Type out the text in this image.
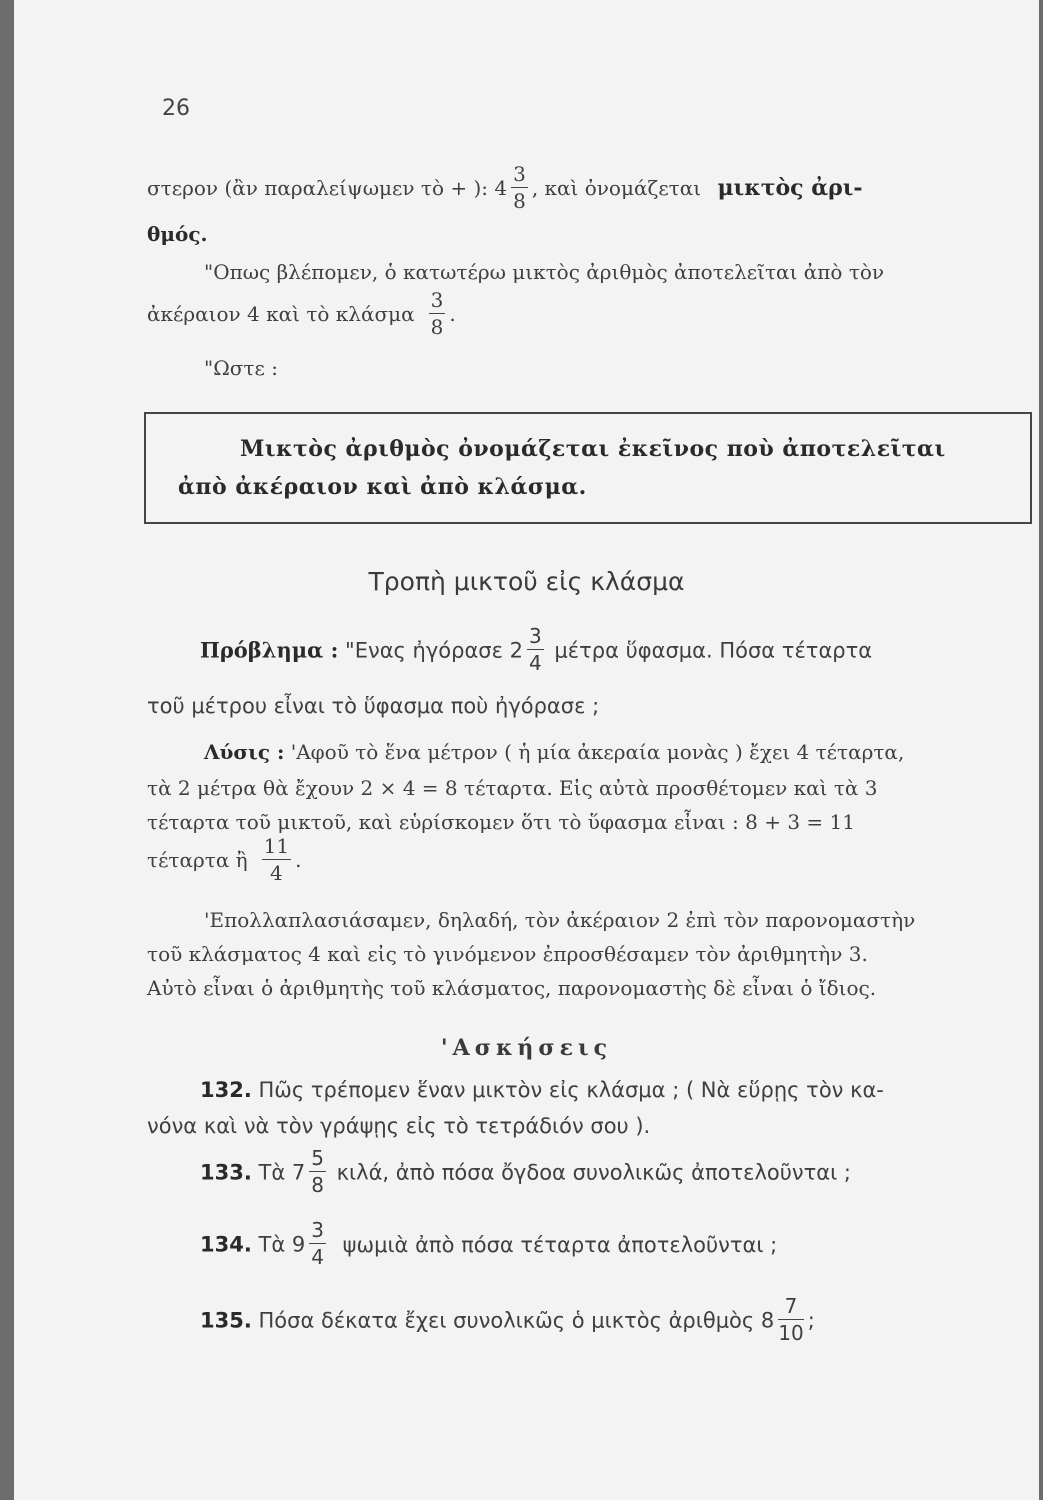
26
στερον (ἂν παραλείψωμεν τὸ + ): $4 \frac{3}{8}$ , καὶ ὀνομάζεται μικτὸς ἀρι-
θμός.
"Οπως βλέπομεν, ὁ κατωτέρω μικτὸς ἀριθμὸς ἀποτελεῖται ἀπὸ τὸν
ἀκέραιον 4 καὶ τὸ κλάσμα $\frac{3}{8}$ .
"Ωστε :
Μικτὸς ἀριθμὸς ὀνομάζεται ἐκεῖνος ποὺ ἀποτελεῖται
ἀπὸ ἀκέραιον καὶ ἀπὸ κλάσμα.
Τροπὴ μικτοῦ εἰς κλάσμα
Πρόβλημα : "Ενας ἠγόρασε $2 \frac{3}{4}$ μέτρα ὕφασμα. Πόσα τέταρτα
τοῦ μέτρου εἶναι τὸ ὕφασμα ποὺ ἠγόρασε ;
Λύσις : 'Αφοῦ τὸ ἕνα μέτρον ( ἡ μία ἀκεραία μονὰς ) ἔχει 4 τέταρτα,
τὰ 2 μέτρα θὰ ἔχουν 2 × 4 = 8 τέταρτα. Εἰς αὐτὰ προσθέτομεν καὶ τὰ 3
τέταρτα τοῦ μικτοῦ, καὶ εὑρίσκομεν ὅτι τὸ ὕφασμα εἶναι : 8 + 3 = 11
τέταρτα ἢ $\frac{11}{4}$ .
'Επολλαπλασιάσαμεν, δηλαδή, τὸν ἀκέραιον 2 ἐπὶ τὸν παρονομαστὴν
τοῦ κλάσματος 4 καὶ εἰς τὸ γινόμενον ἐπροσθέσαμεν τὸν ἀριθμητὴν 3.
Αὐτὸ εἶναι ὁ ἀριθμητὴς τοῦ κλάσματος, παρονομαστὴς δὲ εἶναι ὁ ἴδιος.
'Ασκήσεις
132. Πῶς τρέπομεν ἕναν μικτὸν εἰς κλάσμα ; ( Νὰ εὕρῃς τὸν κα-
νόνα καὶ νὰ τὸν γράψῃς εἰς τὸ τετράδιόν σου ).
133. Τὰ $7 \frac{5}{8} \kappa\iota\lambda ά$, ἀπὸ πόσα ὄγδοα συνολικῶς ἀποτελοῦνται ;
134. Τὰ $9 \frac{3}{4}$ ψωμιὰ ἀπὸ πόσα τέταρτα ἀποτελοῦνται ;
135. Πόσα δέκατα ἔχει συνολικῶς ὁ μικτὸς ἀριθμὸς $8 \frac{7}{10}$ ;
